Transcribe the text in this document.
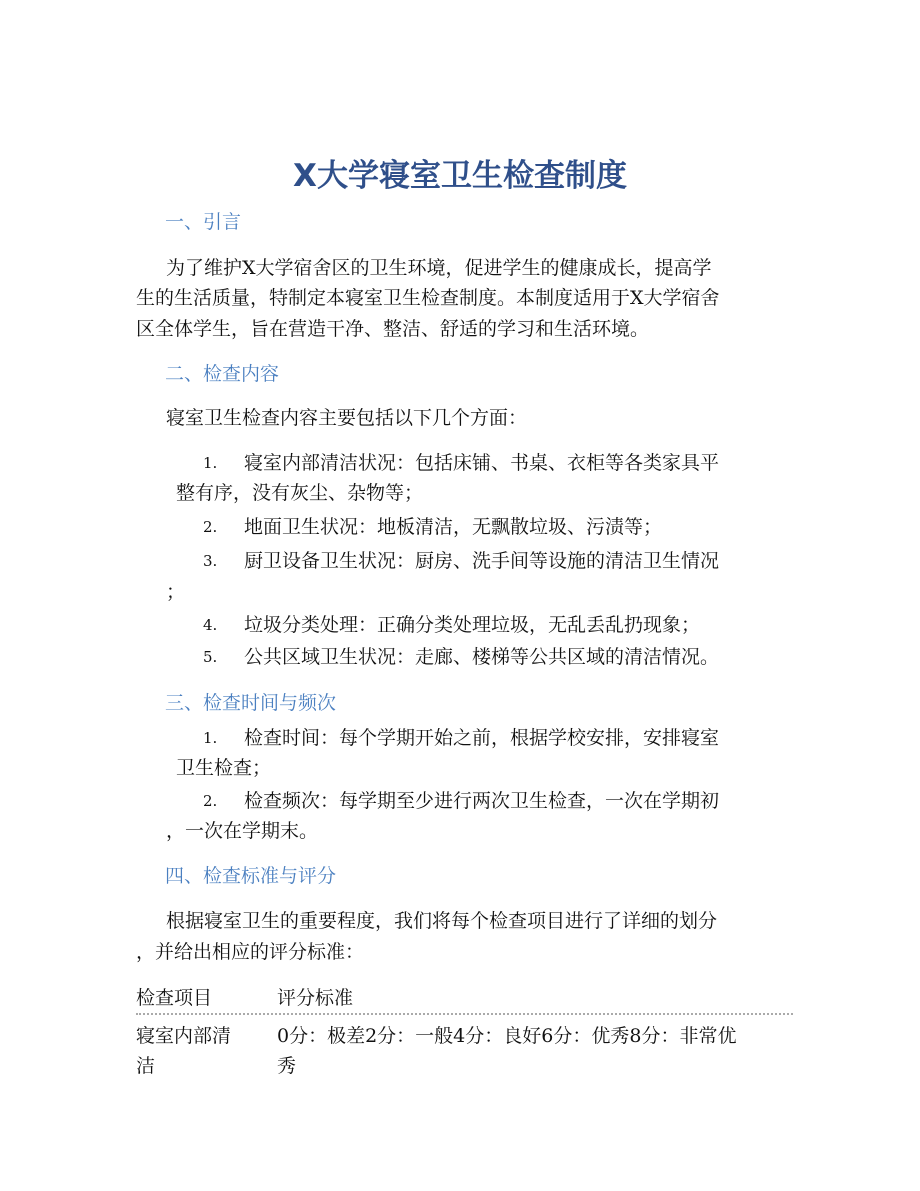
X大学寝室卫生检查制度
一、引言
为了维护X大学宿舍区的卫生环境，促进学生的健康成长，提高学
生的生活质量，特制定本寝室卫生检查制度。本制度适用于X大学宿舍
区全体学生，旨在营造干净、整洁、舒适的学习和生活环境。
二、检查内容
寝室卫生检查内容主要包括以下几个方面：
1. 寝室内部清洁状况：包括床铺、书桌、衣柜等各类家具平
整有序，没有灰尘、杂物等；
2. 地面卫生状况：地板清洁，无飘散垃圾、污渍等；
3. 厨卫设备卫生状况：厨房、洗手间等设施的清洁卫生情况
；
4. 垃圾分类处理：正确分类处理垃圾，无乱丢乱扔现象；
5. 公共区域卫生状况：走廊、楼梯等公共区域的清洁情况。
三、检查时间与频次
1. 检查时间：每个学期开始之前，根据学校安排，安排寝室
卫生检查；
2. 检查频次：每学期至少进行两次卫生检查，一次在学期初
，一次在学期末。
四、检查标准与评分
根据寝室卫生的重要程度，我们将每个检查项目进行了详细的划分
，并给出相应的评分标准：
检查项目	评分标准
寝室内部清
洁
0分：极差2分：一般4分：良好6分：优秀8分：非常优
秀
